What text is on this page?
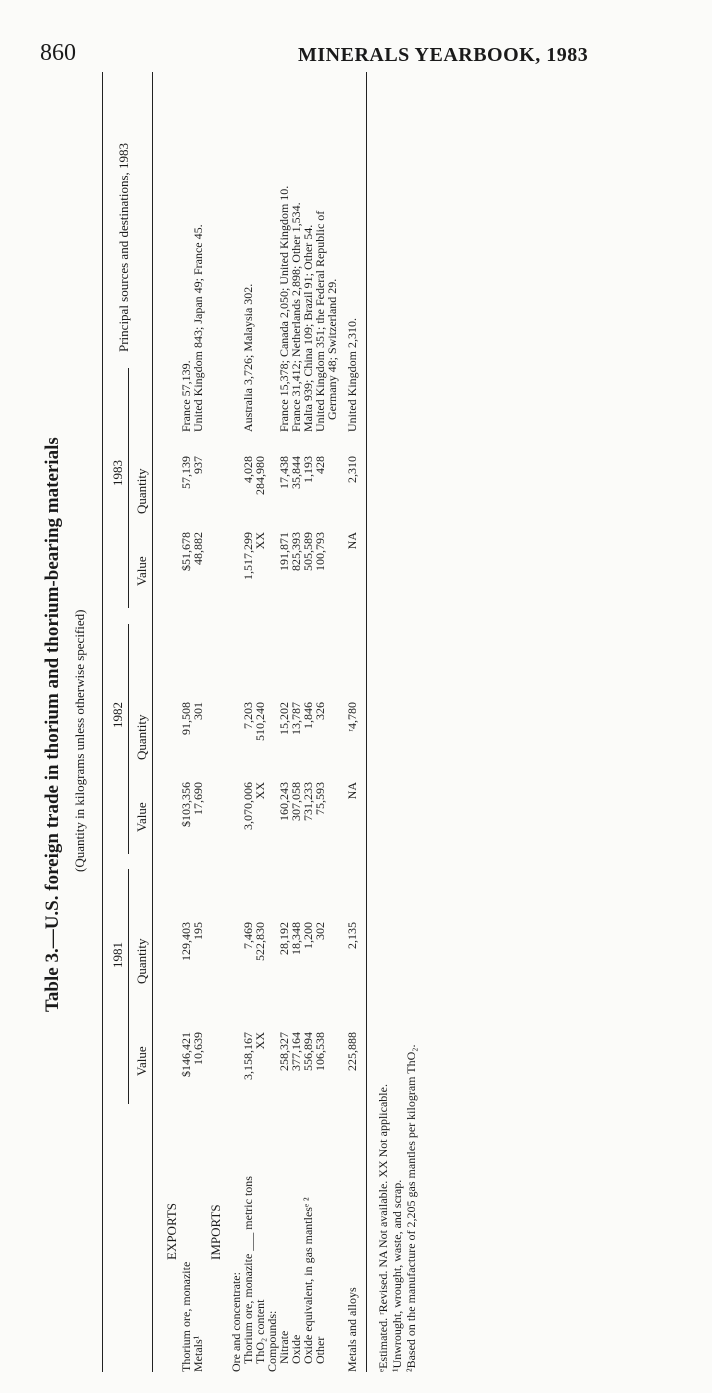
860	MINERALS YEARBOOK, 1983
Table 3.—U.S. foreign trade in thorium and thorium-bearing materials (Quantity in kilograms unless otherwise specified)
1981
1982
1983
Quantity
Value
Quantity
Value
Quantity
Value
Principal sources and destinations, 1983
EXPORTS IMPORTS
Thorium ore, monazite
129,403
$146,421
91,508
$103,356
57,139
$51,678
France 57,139.
Metals¹
195
10,639
301
17,690
937
48,882
United Kingdom 843; Japan 49; France 45.
Ore and concentrate:
Thorium ore, monazite ___ metric tons
7,469
3,158,167
7,203
3,070,006
4,028
1,517,299
Australia 3,726; Malaysia 302.
ThO₂ content
522,830
XX
510,240
XX
284,980
XX
Compounds:
Nitrate
28,192
258,327
15,202
160,243
17,438
191,871
France 15,378; Canada 2,050; United Kingdom 10.
Oxide
18,348
377,164
13,787
307,058
35,844
825,393
France 31,412; Netherlands 2,898; Other 1,534.
Oxide equivalent, in gas mantlesᵉ ²
1,200
556,894
1,846
731,233
1,193
505,589
Malta 939; China 109; Brazil 91; Other 54.
Other
302
106,538
326
75,593
428
100,793
United Kingdom 351; the Federal Republic of
Germany 48; Switzerland 29.
Metals and alloys
2,135
225,888
ʳ4,780
NA
2,310
NA
United Kingdom 2,310.
ᵉEstimated. ʳRevised. NA Not available. XX Not applicable. ¹Unwrought, wrought, waste, and scrap. ²Based on the manufacture of 2,205 gas mantles per kilogram ThO₂.
